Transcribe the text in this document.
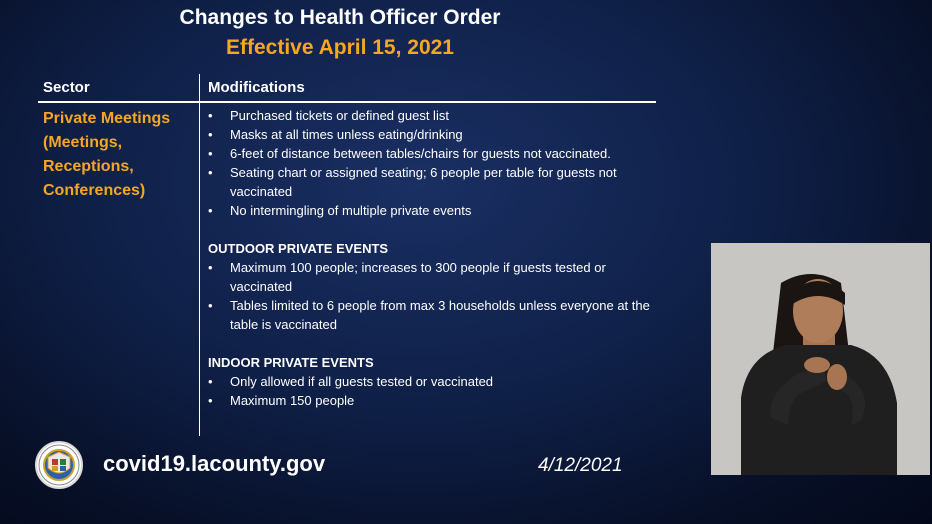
Changes to Health Officer Order
Effective April 15, 2021
Sector	Modifications
Private Meetings
(Meetings,
Receptions,
Conferences)
• Purchased tickets or defined guest list
• Masks at all times unless eating/drinking
• 6-feet of distance between tables/chairs for guests not vaccinated.
• Seating chart or assigned seating; 6 people per table for guests not vaccinated
• No intermingling of multiple private events
OUTDOOR PRIVATE EVENTS
• Maximum 100 people; increases to 300 people if guests tested or vaccinated
• Tables limited to 6 people from max 3 households unless everyone at the table is vaccinated
INDOOR PRIVATE EVENTS
• Only allowed if all guests tested or vaccinated
• Maximum 150 people
covid19.lacounty.gov	4/12/2021
